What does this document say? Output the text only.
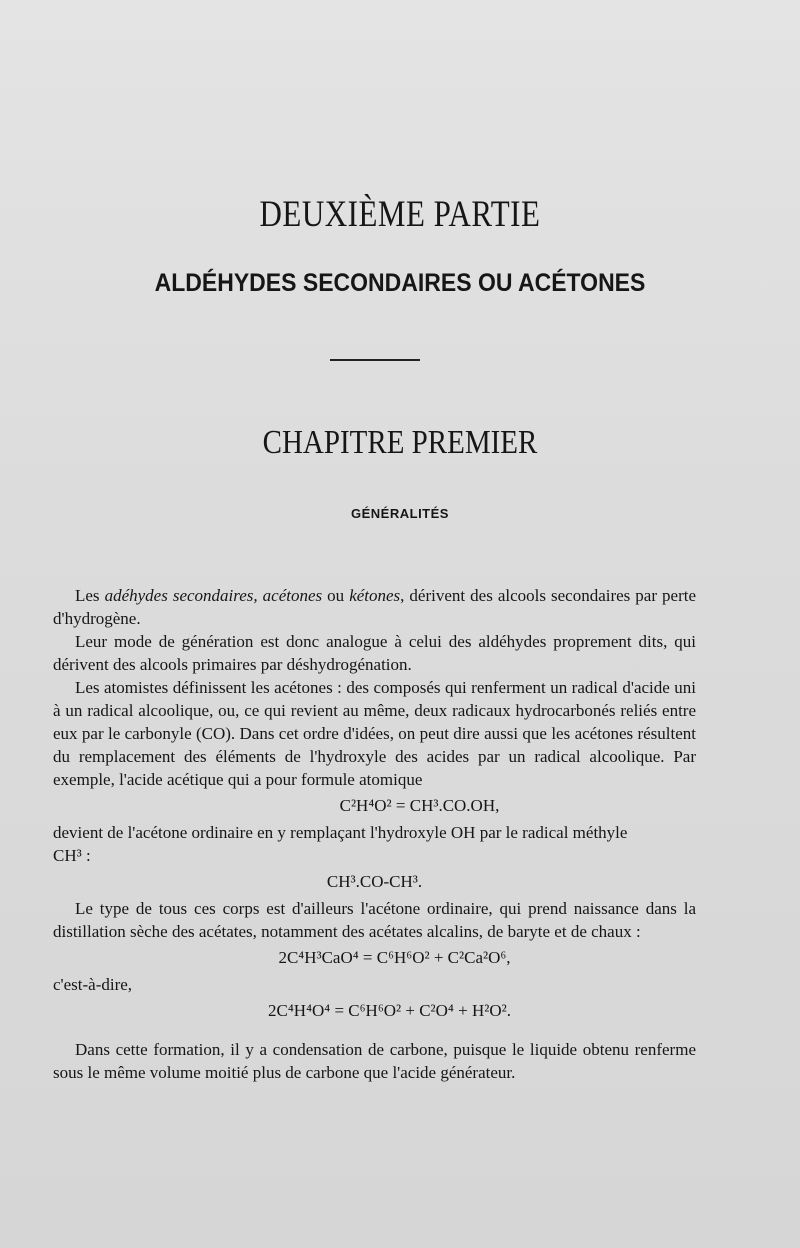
DEUXIÈME PARTIE
ALDÉHYDES SECONDAIRES OU ACÉTONES
CHAPITRE PREMIER
GÉNÉRALITÉS

Les adéhydes secondaires, acétones ou kétones, dérivent des alcools secondaires par perte d'hydrogène.

Leur mode de génération est donc analogue à celui des aldéhydes proprement dits, qui dérivent des alcools primaires par déshydrogénation.

Les atomistes définissent les acétones : des composés qui renferment un radical d'acide uni à un radical alcoolique, ou, ce qui revient au même, deux radicaux hydrocarbonés reliés entre eux par le carbonyle (CO). Dans cet ordre d'idées, on peut dire aussi que les acétones résultent du remplacement des éléments de l'hydroxyle des acides par un radical alcoolique. Par exemple, l'acide acétique qui a pour formule atomique

C²H⁴O² = CH³.CO.OH,

devient de l'acétone ordinaire en y remplaçant l'hydroxyle OH par le radical méthyle
CH³ :

CH³.CO-CH³.

Le type de tous ces corps est d'ailleurs l'acétone ordinaire, qui prend naissance dans la distillation sèche des acétates, notamment des acétates alcalins, de baryte et de chaux :

2C⁴H³CaO⁴ = C⁶H⁶O² + C²Ca²O⁶,

c'est-à-dire,

2C⁴H⁴O⁴ = C⁶H⁶O² + C²O⁴ + H²O².

Dans cette formation, il y a condensation de carbone, puisque le liquide obtenu renferme sous le même volume moitié plus de carbone que l'acide générateur.
